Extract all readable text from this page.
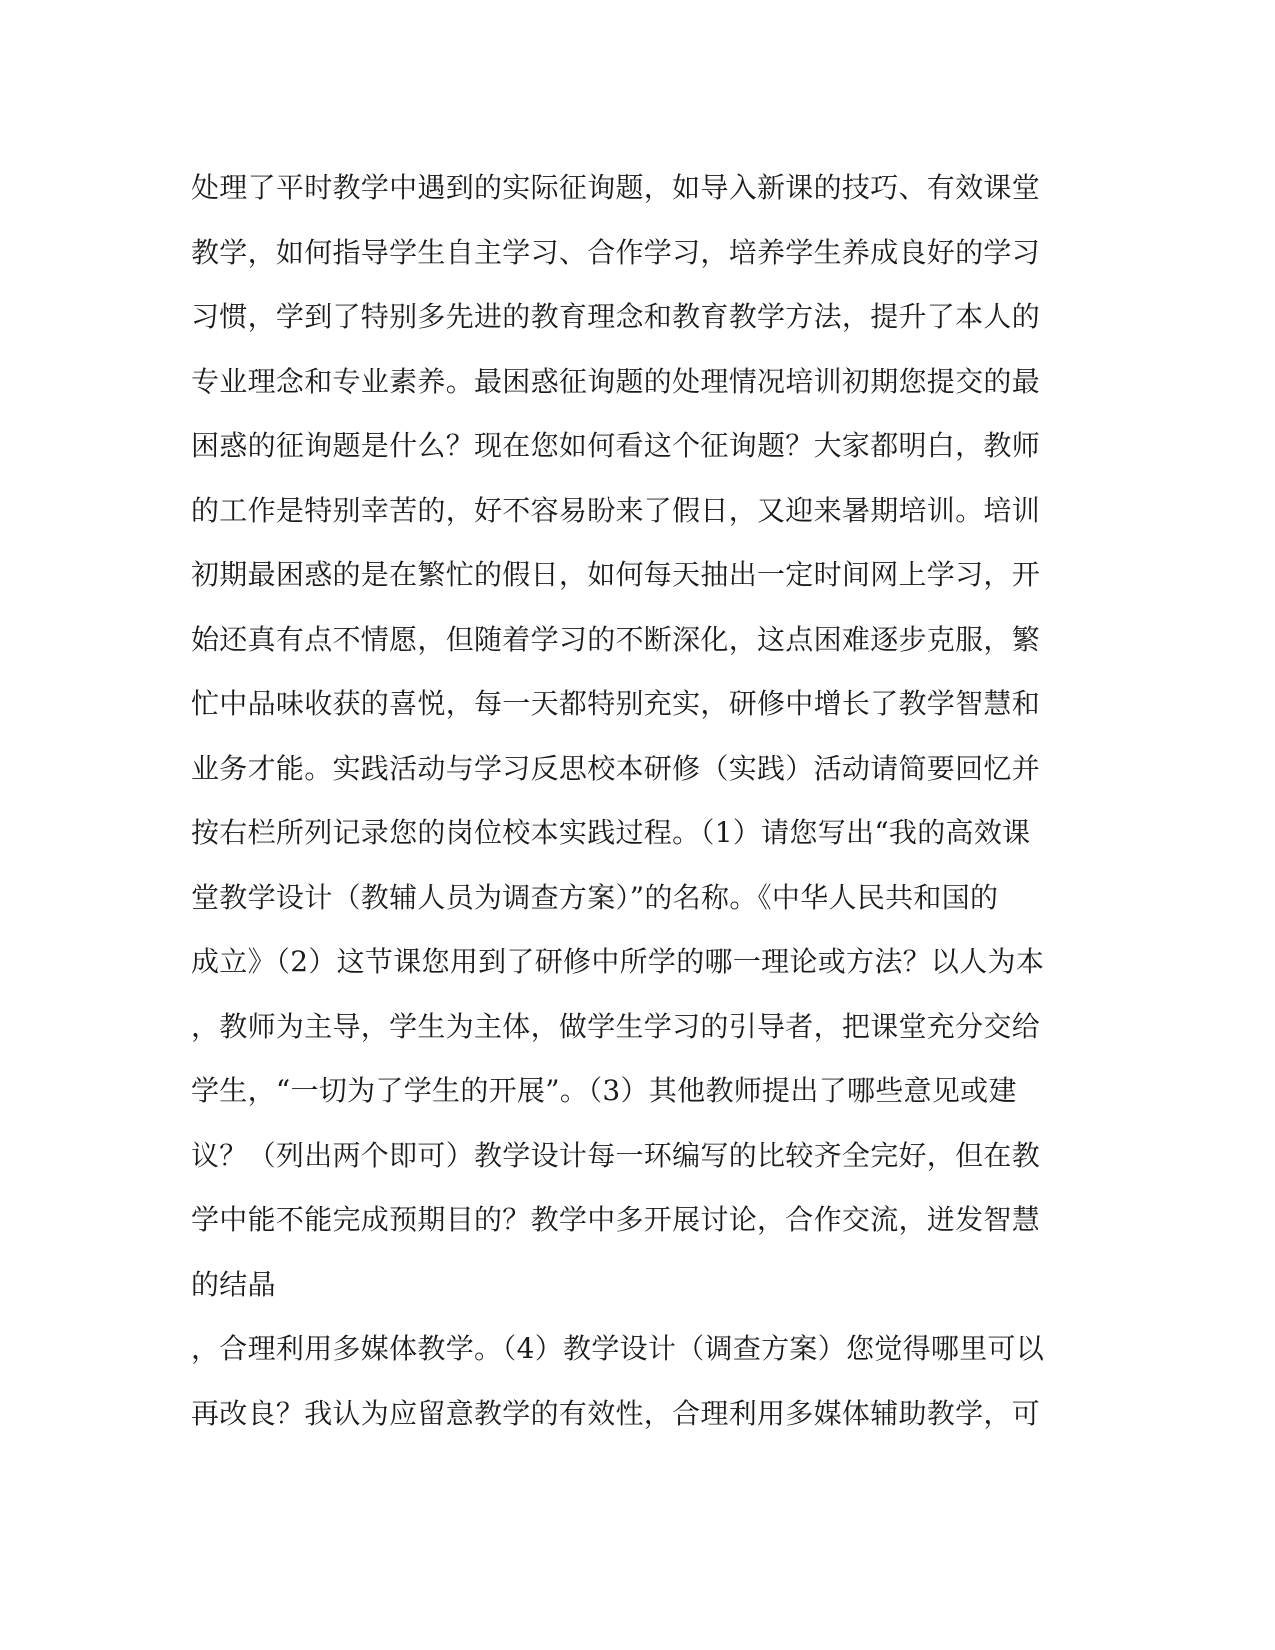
处理了平时教学中遇到的实际征询题，如导入新课的技巧、有效课堂
教学，如何指导学生自主学习、合作学习，培养学生养成良好的学习
习惯，学到了特别多先进的教育理念和教育教学方法，提升了本人的
专业理念和专业素养。最困惑征询题的处理情况培训初期您提交的最
困惑的征询题是什么？现在您如何看这个征询题？大家都明白，教师
的工作是特别幸苦的，好不容易盼来了假日，又迎来暑期培训。培训
初期最困惑的是在繁忙的假日，如何每天抽出一定时间网上学习，开
始还真有点不情愿，但随着学习的不断深化，这点困难逐步克服，繁
忙中品味收获的喜悦，每一天都特别充实，研修中增长了教学智慧和
业务才能。实践活动与学习反思校本研修（实践）活动请简要回忆并
按右栏所列记录您的岗位校本实践过程。（1）请您写出“我的高效课
堂教学设计（教辅人员为调查方案）”的名称。《中华人民共和国的
成立》（2）这节课您用到了研修中所学的哪一理论或方法？以人为本
，教师为主导，学生为主体，做学生学习的引导者，把课堂充分交给
学生，“一切为了学生的开展”。（3）其他教师提出了哪些意见或建
议？（列出两个即可）教学设计每一环编写的比较齐全完好，但在教
学中能不能完成预期目的？教学中多开展讨论，合作交流，迸发智慧
的结晶
，合理利用多媒体教学。（4）教学设计（调查方案）您觉得哪里可以
再改良？我认为应留意教学的有效性，合理利用多媒体辅助教学，可
